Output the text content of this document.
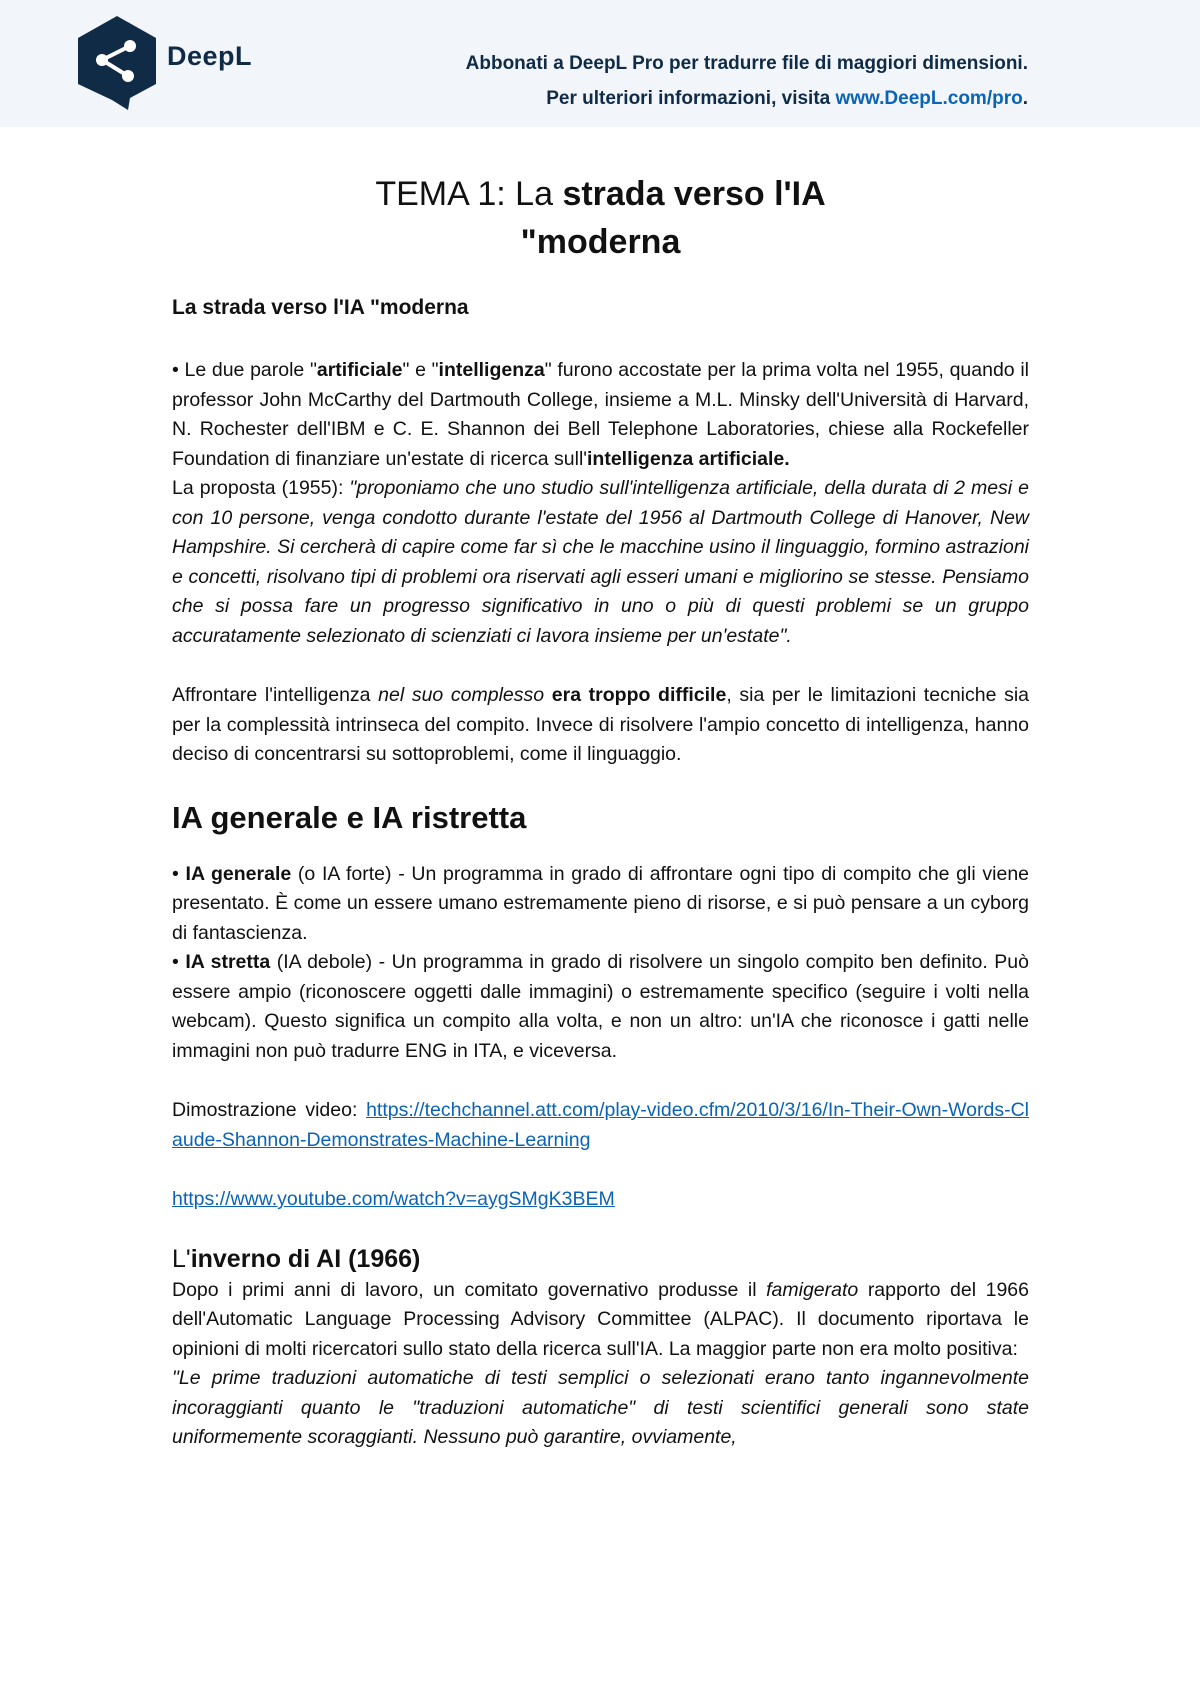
DeepL	Abbonati a DeepL Pro per tradurre file di maggiori dimensioni.
Per ulteriori informazioni, visita www.DeepL.com/pro.
TEMA 1: La strada verso l'IA
"moderna
La strada verso l'IA "moderna

• Le due parole "artificiale" e "intelligenza" furono accostate per la prima volta nel 1955, quando il professor John McCarthy del Dartmouth College, insieme a M.L. Minsky dell'Università di Harvard, N. Rochester dell'IBM e C. E. Shannon dei Bell Telephone Laboratories, chiese alla Rockefeller Foundation di finanziare un'estate di ricerca sull'intelligenza artificiale.

La proposta (1955): "proponiamo che uno studio sull'intelligenza artificiale, della durata di 2 mesi e con 10 persone, venga condotto durante l'estate del 1956 al Dartmouth College di Hanover, New Hampshire. Si cercherà di capire come far sì che le macchine usino il linguaggio, formino astrazioni e concetti, risolvano tipi di problemi ora riservati agli esseri umani e migliorino se stesse. Pensiamo che si possa fare un progresso significativo in uno o più di questi problemi se un gruppo accuratamente selezionato di scienziati ci lavora insieme per un'estate".

Affrontare l'intelligenza nel suo complesso era troppo difficile, sia per le limitazioni tecniche sia per la complessità intrinseca del compito. Invece di risolvere l'ampio concetto di intelligenza, hanno deciso di concentrarsi su sottoproblemi, come il linguaggio.

IA generale e IA ristretta

• IA generale (o IA forte) - Un programma in grado di affrontare ogni tipo di compito che gli viene presentato. È come un essere umano estremamente pieno di risorse, e si può pensare a un cyborg di fantascienza.

• IA stretta (IA debole) - Un programma in grado di risolvere un singolo compito ben definito. Può essere ampio (riconoscere oggetti dalle immagini) o estremamente specifico (seguire i volti nella webcam). Questo significa un compito alla volta, e non un altro: un'IA che riconosce i gatti nelle immagini non può tradurre ENG in ITA, e viceversa.

Dimostrazione video: https://techchannel.att.com/play-video.cfm/2010/3/16/In-Their-Own-Words-Claude-Shannon-Demonstrates-Machine-Learning

https://www.youtube.com/watch?v=aygSMgK3BEM

L'inverno di AI (1966)

Dopo i primi anni di lavoro, un comitato governativo produsse il famigerato rapporto del 1966 dell'Automatic Language Processing Advisory Committee (ALPAC). Il documento riportava le opinioni di molti ricercatori sullo stato della ricerca sull'IA. La maggior parte non era molto positiva:

"Le prime traduzioni automatiche di testi semplici o selezionati erano tanto ingannevolmente incoraggianti quanto le "traduzioni automatiche" di testi scientifici generali sono state uniformemente scoraggianti. Nessuno può garantire, ovviamente,
